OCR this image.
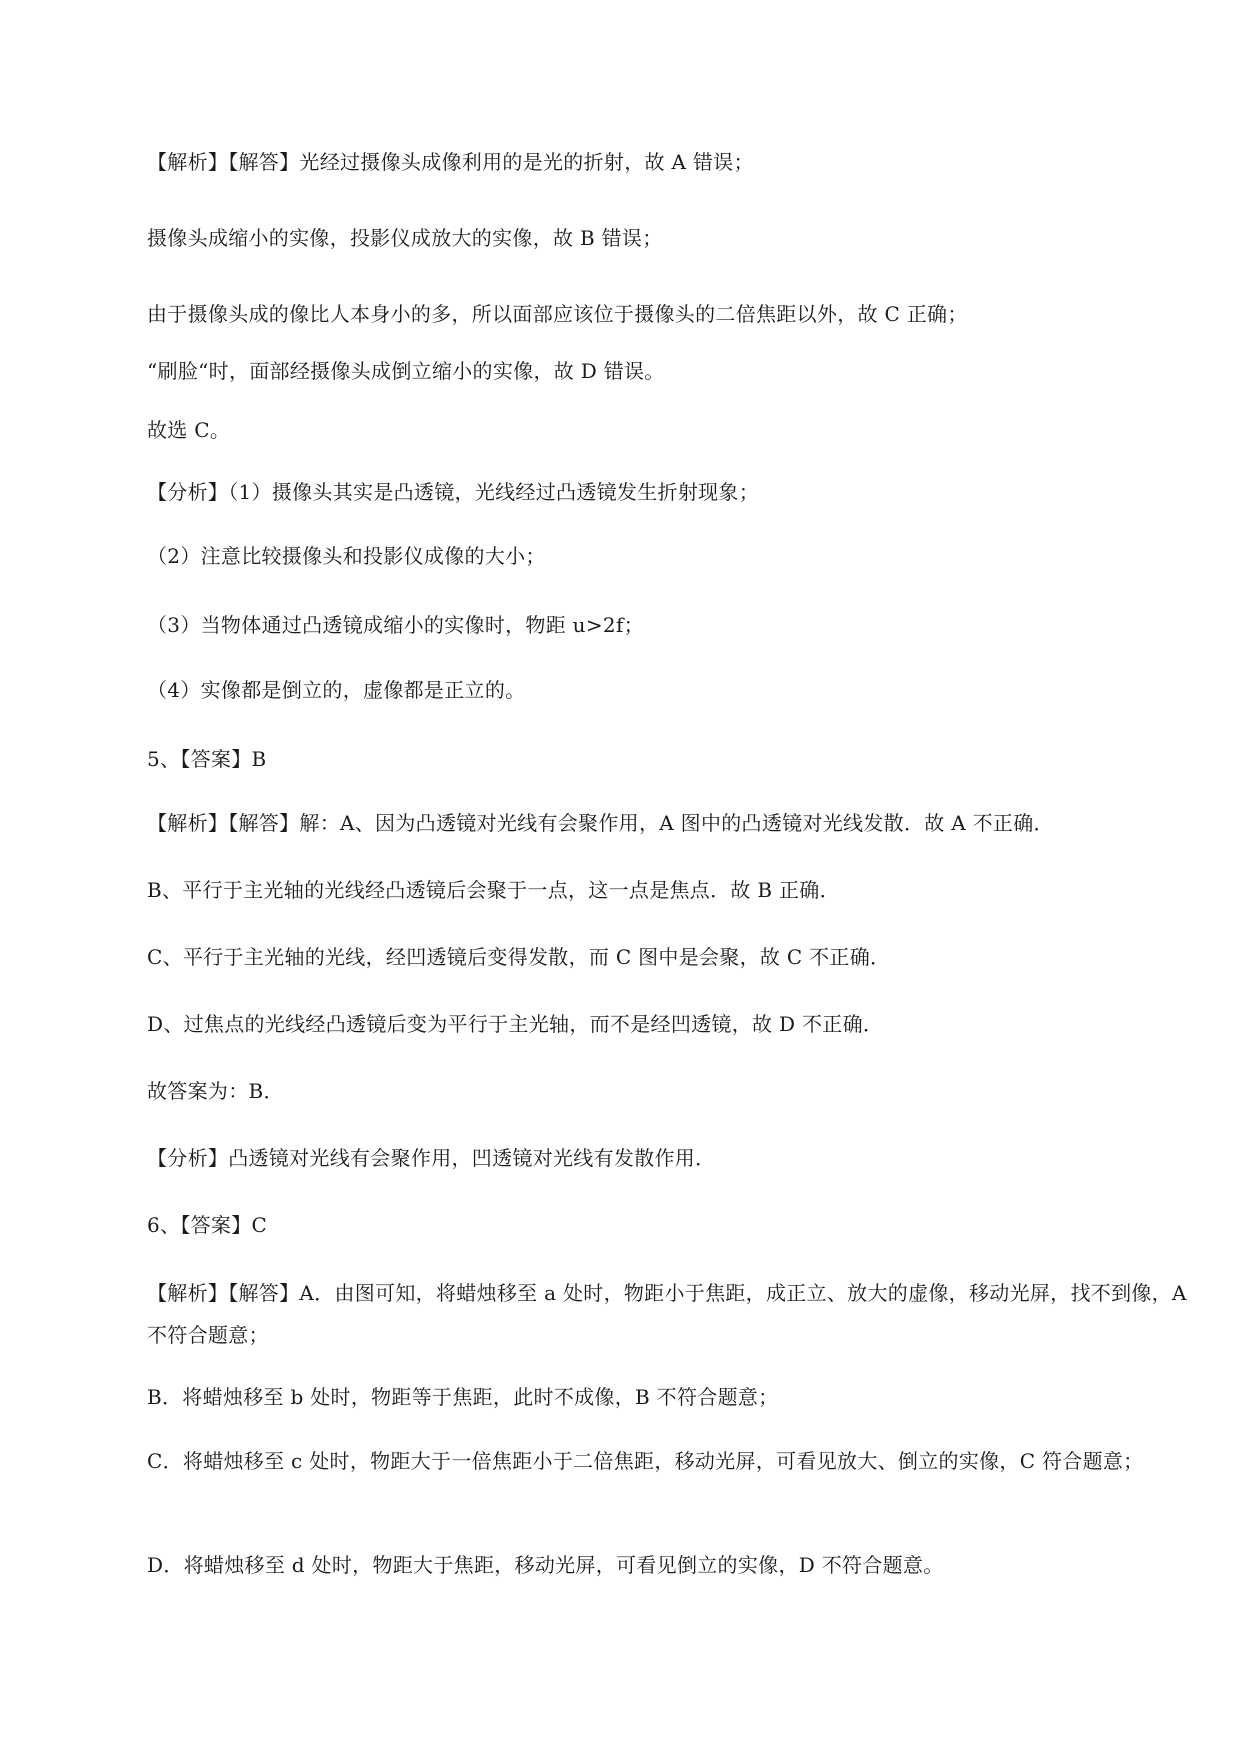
【解析】【解答】光经过摄像头成像利用的是光的折射，故 A 错误；
摄像头成缩小的实像，投影仪成放大的实像，故 B 错误；
由于摄像头成的像比人本身小的多，所以面部应该位于摄像头的二倍焦距以外，故 C 正确；
“刷脸“时，面部经摄像头成倒立缩小的实像，故 D 错误。
故选 C。
【分析】（1）摄像头其实是凸透镜，光线经过凸透镜发生折射现象；
（2）注意比较摄像头和投影仪成像的大小；
（3）当物体通过凸透镜成缩小的实像时，物距 u>2f；
（4）实像都是倒立的，虚像都是正立的。
5、【答案】B
【解析】【解答】解：A、因为凸透镜对光线有会聚作用，A 图中的凸透镜对光线发散．故 A 不正确．
B、平行于主光轴的光线经凸透镜后会聚于一点，这一点是焦点．故 B 正确．
C、平行于主光轴的光线，经凹透镜后变得发散，而 C 图中是会聚，故 C 不正确．
D、过焦点的光线经凸透镜后变为平行于主光轴，而不是经凹透镜，故 D 不正确．
故答案为：B．
【分析】凸透镜对光线有会聚作用，凹透镜对光线有发散作用．
6、【答案】C
【解析】【解答】A．由图可知，将蜡烛移至 a 处时，物距小于焦距，成正立、放大的虚像，移动光屏，找不到像，A 不符合题意；
B．将蜡烛移至 b 处时，物距等于焦距，此时不成像，B 不符合题意；
C．将蜡烛移至 c 处时，物距大于一倍焦距小于二倍焦距，移动光屏，可看见放大、倒立的实像，C 符合题意；
D．将蜡烛移至 d 处时，物距大于焦距，移动光屏，可看见倒立的实像，D 不符合题意。
